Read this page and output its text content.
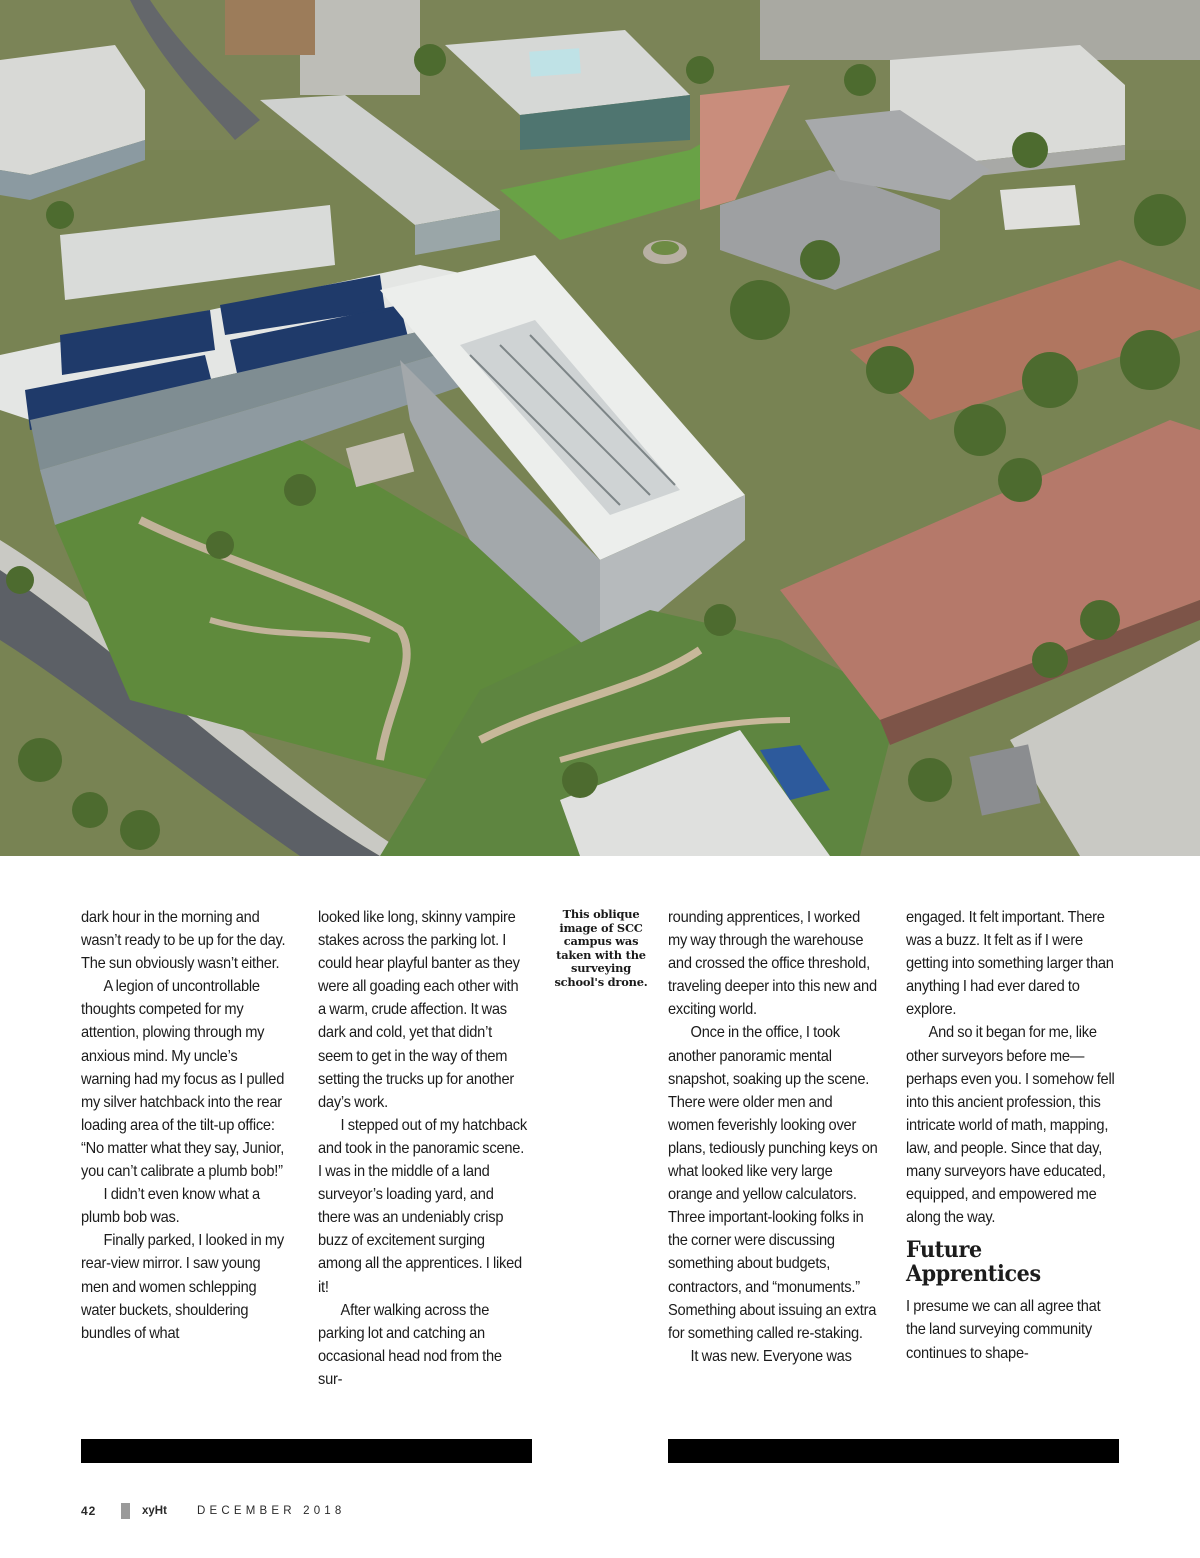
dark hour in the morning and wasn’t ready to be up for the day. The sun obviously wasn’t either.

A legion of uncontrollable thoughts competed for my attention, plowing through my anxious mind. My uncle’s warning had my focus as I pulled my silver hatchback into the rear loading area of the tilt-up office: “No matter what they say, Junior, you can’t calibrate a plumb bob!”

I didn’t even know what a plumb bob was.

Finally parked, I looked in my rear-view mirror. I saw young men and women schlepping water buckets, shouldering bundles of what

looked like long, skinny vampire stakes across the parking lot. I could hear playful banter as they were all goading each other with a warm, crude affection. It was dark and cold, yet that didn’t seem to get in the way of them setting the trucks up for another day’s work.

I stepped out of my hatchback and took in the panoramic scene. I was in the middle of a land surveyor’s loading yard, and there was an undeniably crisp buzz of excitement surging among all the apprentices. I liked it!

After walking across the parking lot and catching an occasional head nod from the sur-

This oblique image of SCC campus was taken with the surveying school's drone.

rounding apprentices, I worked my way through the warehouse and crossed the office threshold, traveling deeper into this new and exciting world.

Once in the office, I took another panoramic mental snapshot, soaking up the scene. There were older men and women feverishly looking over plans, tediously punching keys on what looked like very large orange and yellow calculators. Three important-looking folks in the corner were discussing something about budgets, contractors, and “monuments.” Something about issuing an extra for something called re-staking.

It was new. Everyone was

engaged. It felt important. There was a buzz. It felt as if I were getting into something larger than anything I had ever dared to explore.

And so it began for me, like other surveyors before me—perhaps even you. I somehow fell into this ancient profession, this intricate world of math, mapping, law, and people. Since that day, many surveyors have educated, equipped, and empowered me along the way.

Future Apprentices

I presume we can all agree that the land surveying community continues to shape-

42	xyHt	DECEMBER 2018
